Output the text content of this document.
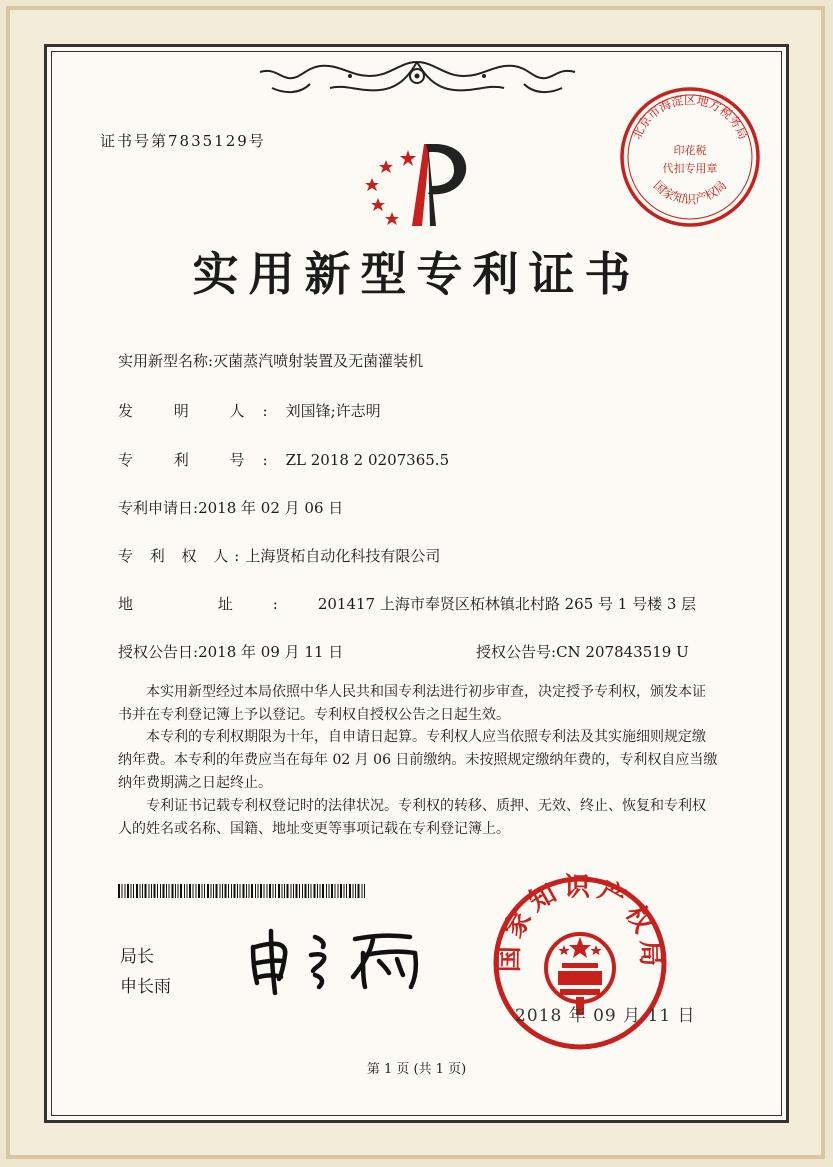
证书号第7835129号
实用新型专利证书
实用新型名称:灭菌蒸汽喷射装置及无菌灌装机
发 明 人:刘国锋;许志明
专 利 号:ZL 2018 2 0207365.5
专利申请日:2018 年 02 月 06 日
专 利 权 人:上海贤柘自动化科技有限公司
地 址:201417 上海市奉贤区柘林镇北村路 265 号 1 号楼 3 层
授权公告日:2018 年 09 月 11 日	授权公告号:CN 207843519 U
本实用新型经过本局依照中华人民共和国专利法进行初步审查，决定授予专利权，颁发本证书并在专利登记簿上予以登记。专利权自授权公告之日起生效。
本专利的专利权期限为十年，自申请日起算。专利权人应当依照专利法及其实施细则规定缴纳年费。本专利的年费应当在每年 02 月 06 日前缴纳。未按照规定缴纳年费的，专利权自应当缴纳年费期满之日起终止。
专利证书记载专利权登记时的法律状况。专利权的转移、质押、无效、终止、恢复和专利权人的姓名或名称、国籍、地址变更等事项记载在专利登记簿上。
局长
申长雨
北京市海淀区地方税务局
印花税
代扣专用章
国家知识产权局
国家知识产权局
2018 年 09 月 11 日
第 1 页 (共 1 页)
